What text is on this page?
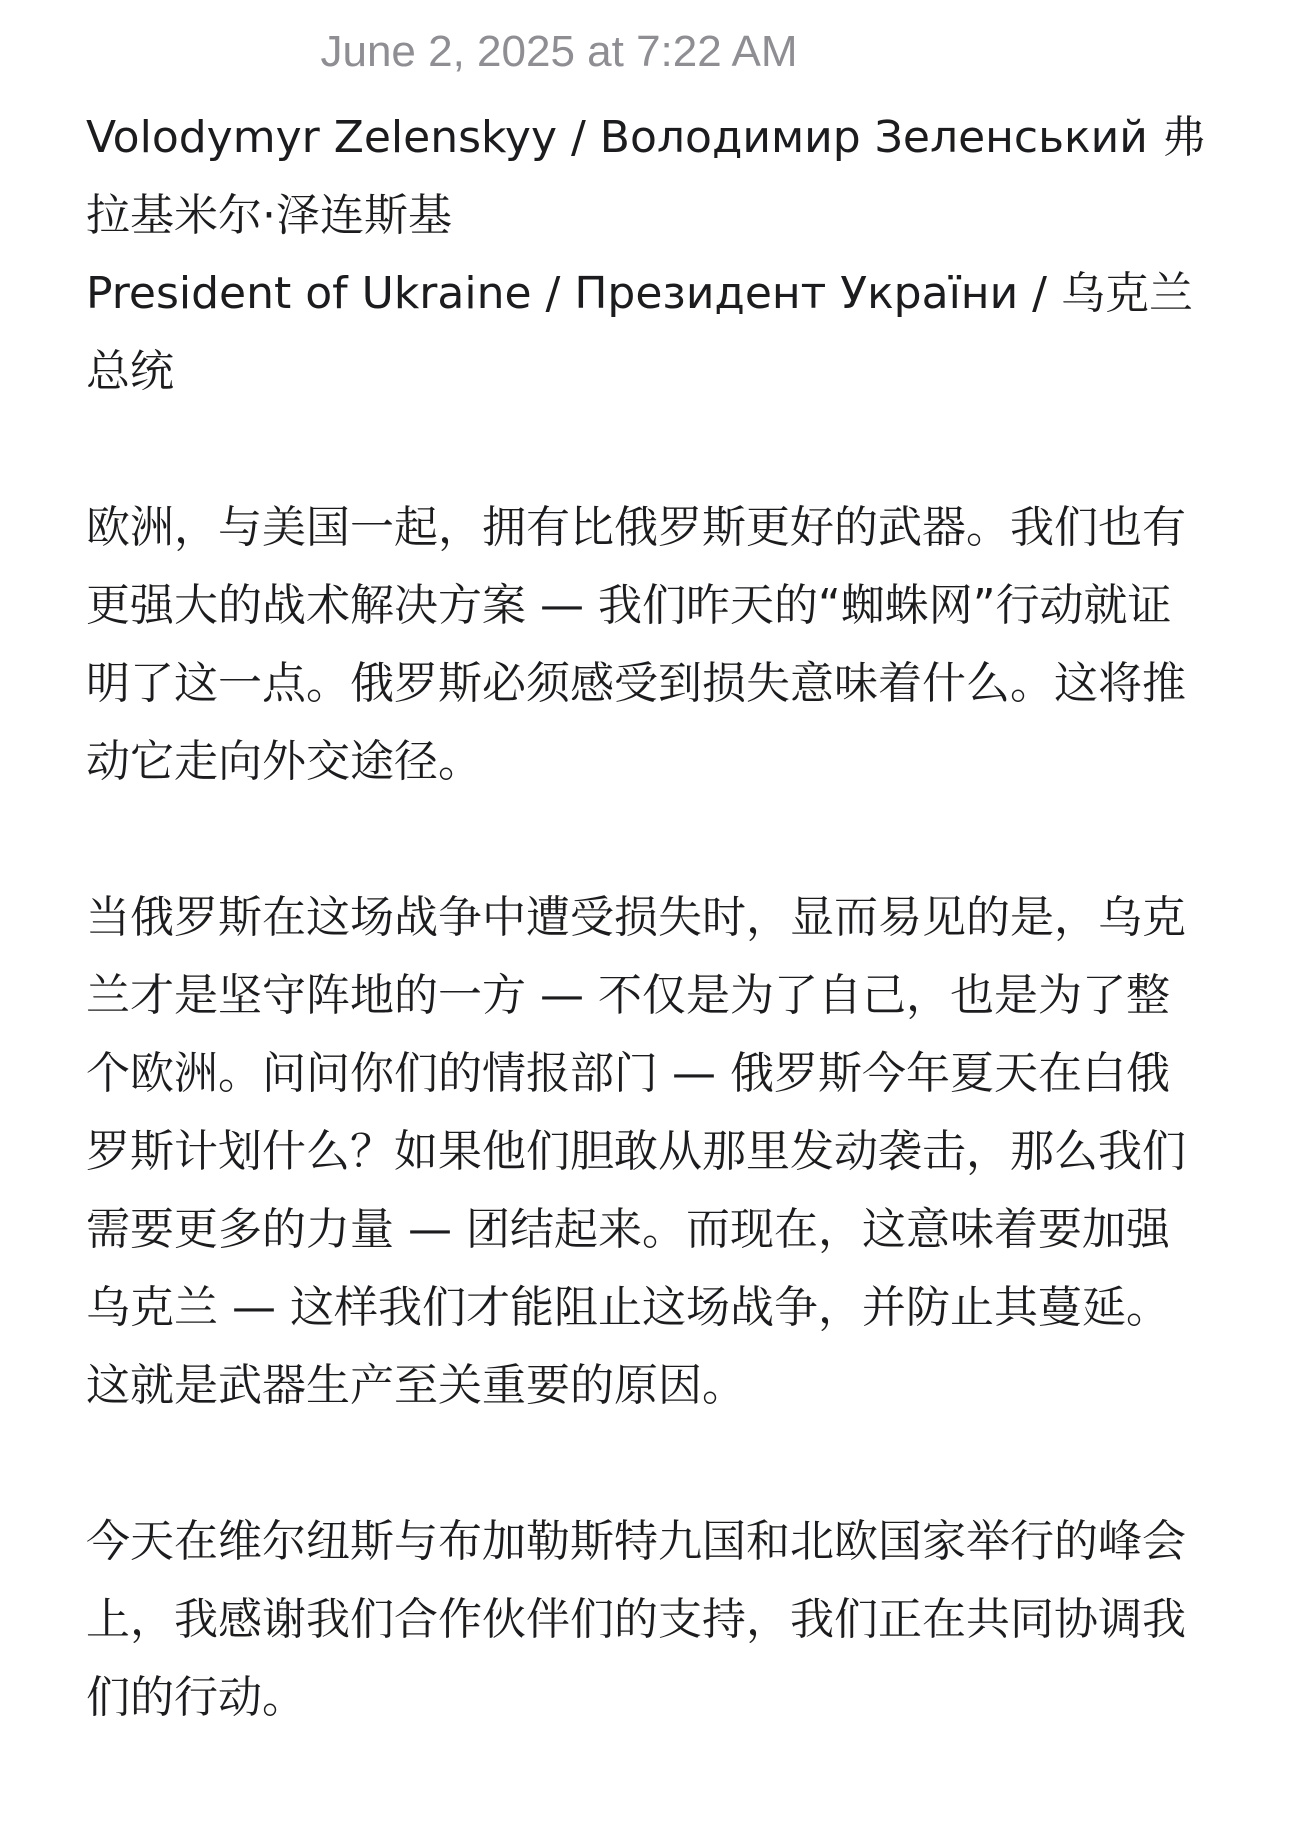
June 2, 2025 at 7:22 AM
Volodymyr Zelenskyy / Володимир Зеленський 弗拉基米尔·泽连斯基
President of Ukraine / Президент України / 乌克兰总统

欧洲，与美国一起，拥有比俄罗斯更好的武器。我们也有更强大的战术解决方案 — 我们昨天的“蜘蛛网”行动就证明了这一点。俄罗斯必须感受到损失意味着什么。这将推动它走向外交途径。

当俄罗斯在这场战争中遭受损失时，显而易见的是，乌克兰才是坚守阵地的一方 — 不仅是为了自己，也是为了整个欧洲。问问你们的情报部门 — 俄罗斯今年夏天在白俄罗斯计划什么？如果他们胆敢从那里发动袭击，那么我们需要更多的力量 — 团结起来。而现在，这意味着要加强乌克兰 — 这样我们才能阻止这场战争，并防止其蔓延。这就是武器生产至关重要的原因。

今天在维尔纽斯与布加勒斯特九国和北欧国家举行的峰会上，我感谢我们合作伙伴们的支持，我们正在共同协调我们的行动。
